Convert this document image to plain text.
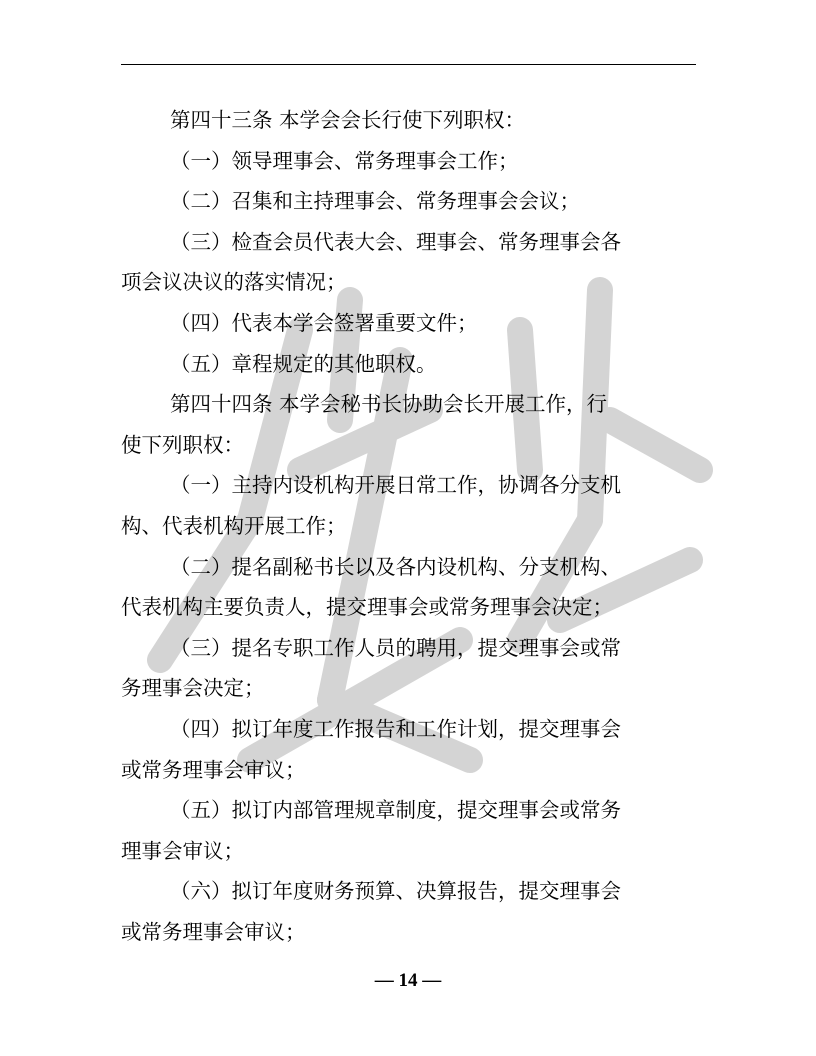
第四十三条 本学会会长行使下列职权：
（一）领导理事会、常务理事会工作；
（二）召集和主持理事会、常务理事会会议；
（三）检查会员代表大会、理事会、常务理事会各
项会议决议的落实情况；
（四）代表本学会签署重要文件；
（五）章程规定的其他职权。
第四十四条 本学会秘书长协助会长开展工作，行
使下列职权：
（一）主持内设机构开展日常工作，协调各分支机
构、代表机构开展工作；
（二）提名副秘书长以及各内设机构、分支机构、
代表机构主要负责人，提交理事会或常务理事会决定；
（三）提名专职工作人员的聘用，提交理事会或常
务理事会决定；
（四）拟订年度工作报告和工作计划，提交理事会
或常务理事会审议；
（五）拟订内部管理规章制度，提交理事会或常务
理事会审议；
（六）拟订年度财务预算、决算报告，提交理事会
或常务理事会审议；
— 14 —
